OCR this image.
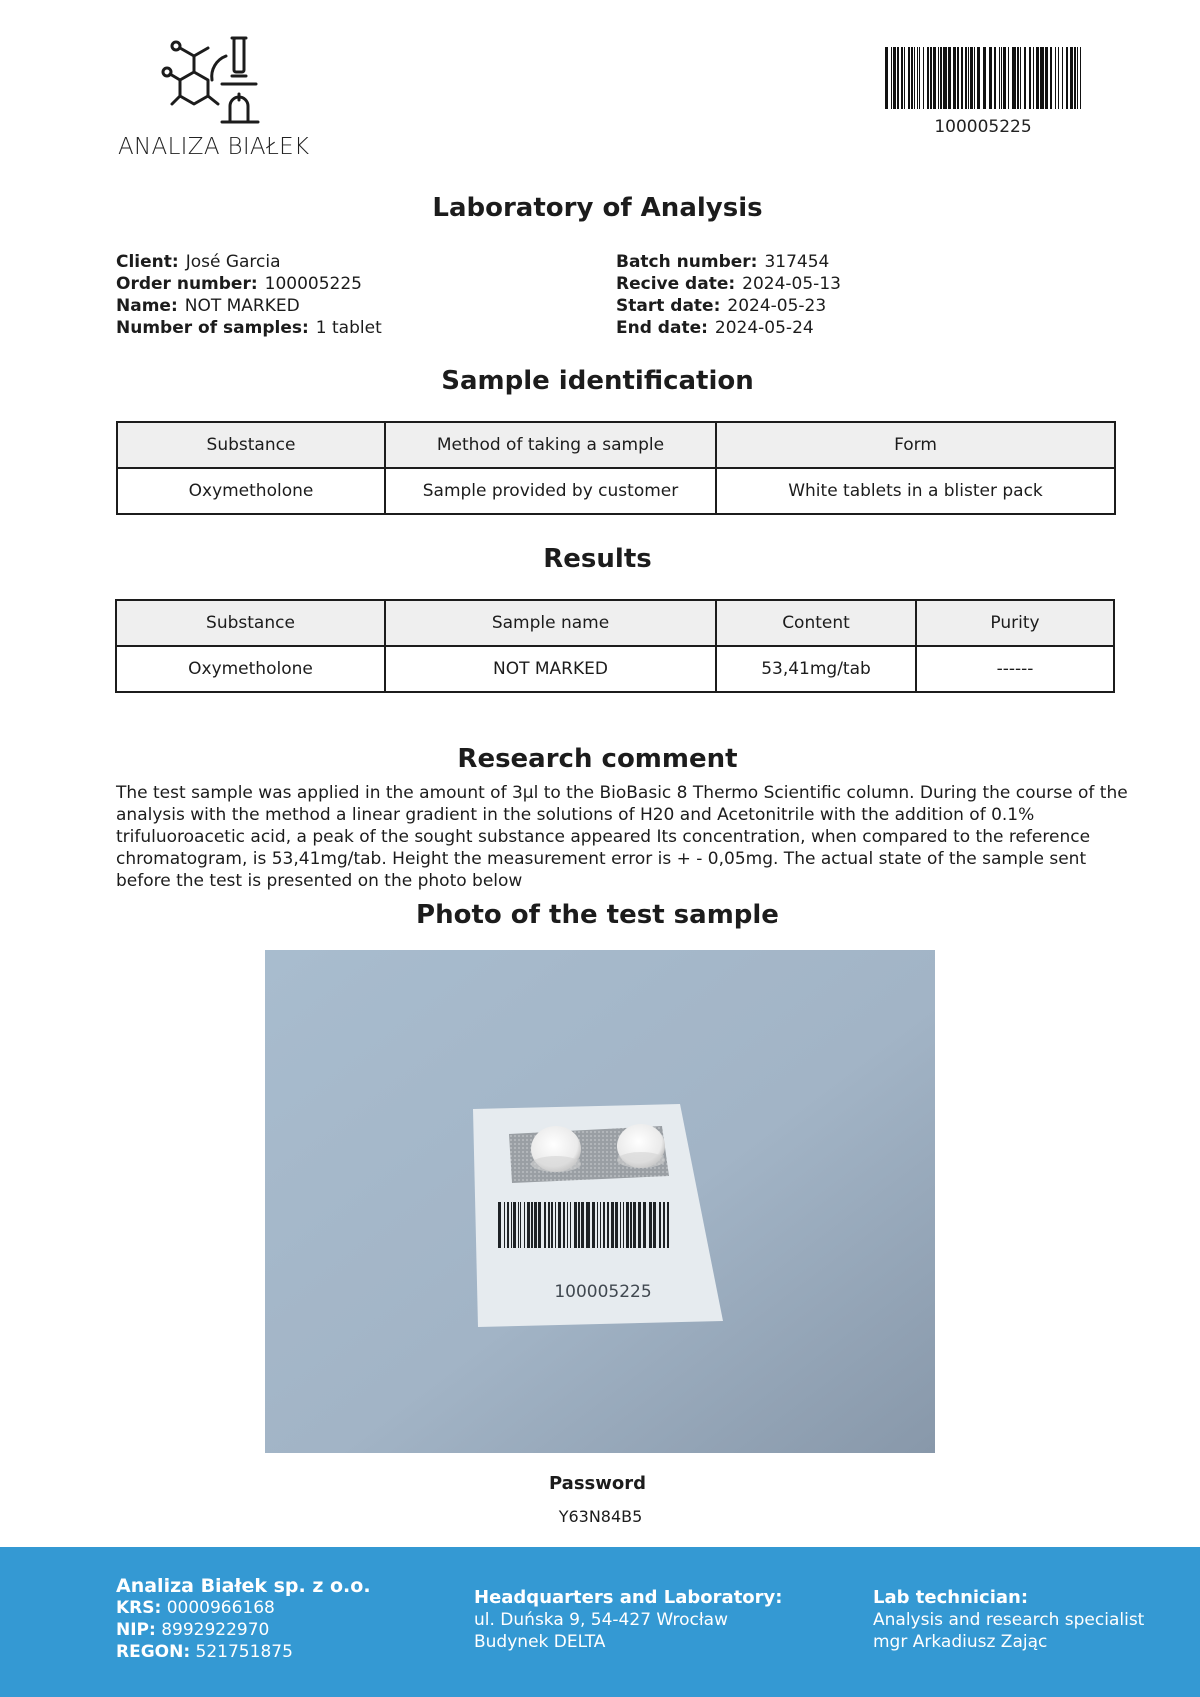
ANALIZA BIAŁEK
100005225
Laboratory of Analysis
Client: José Garcia
Order number: 100005225
Name: NOT MARKED
Number of samples: 1 tablet
Batch number: 317454
Recive date: 2024-05-13
Start date: 2024-05-23
End date: 2024-05-24
Sample identification
Substance	Method of taking a sample	Form
Oxymetholone	Sample provided by customer	White tablets in a blister pack
Results
Substance	Sample name	Content	Purity
Oxymetholone	NOT MARKED	53,41mg/tab	------
Research comment
The test sample was applied in the amount of 3µl to the BioBasic 8 Thermo Scientific column. During the course of the analysis with the method a linear gradient in the solutions of H20 and Acetonitrile with the addition of 0.1% trifuluoroacetic acid, a peak of the sought substance appeared Its concentration, when compared to the reference chromatogram, is 53,41mg/tab. Height the measurement error is + - 0,05mg. The actual state of the sample sent before the test is presented on the photo below
Photo of the test sample
100005225
Password
Y63N84B5
Analiza Białek sp. z o.o.
KRS: 0000966168
NIP: 8992922970
REGON: 521751875
Headquarters and Laboratory:
ul. Duńska 9, 54-427 Wrocław
Budynek DELTA
Lab technician:
Analysis and research specialist
mgr Arkadiusz Zając
